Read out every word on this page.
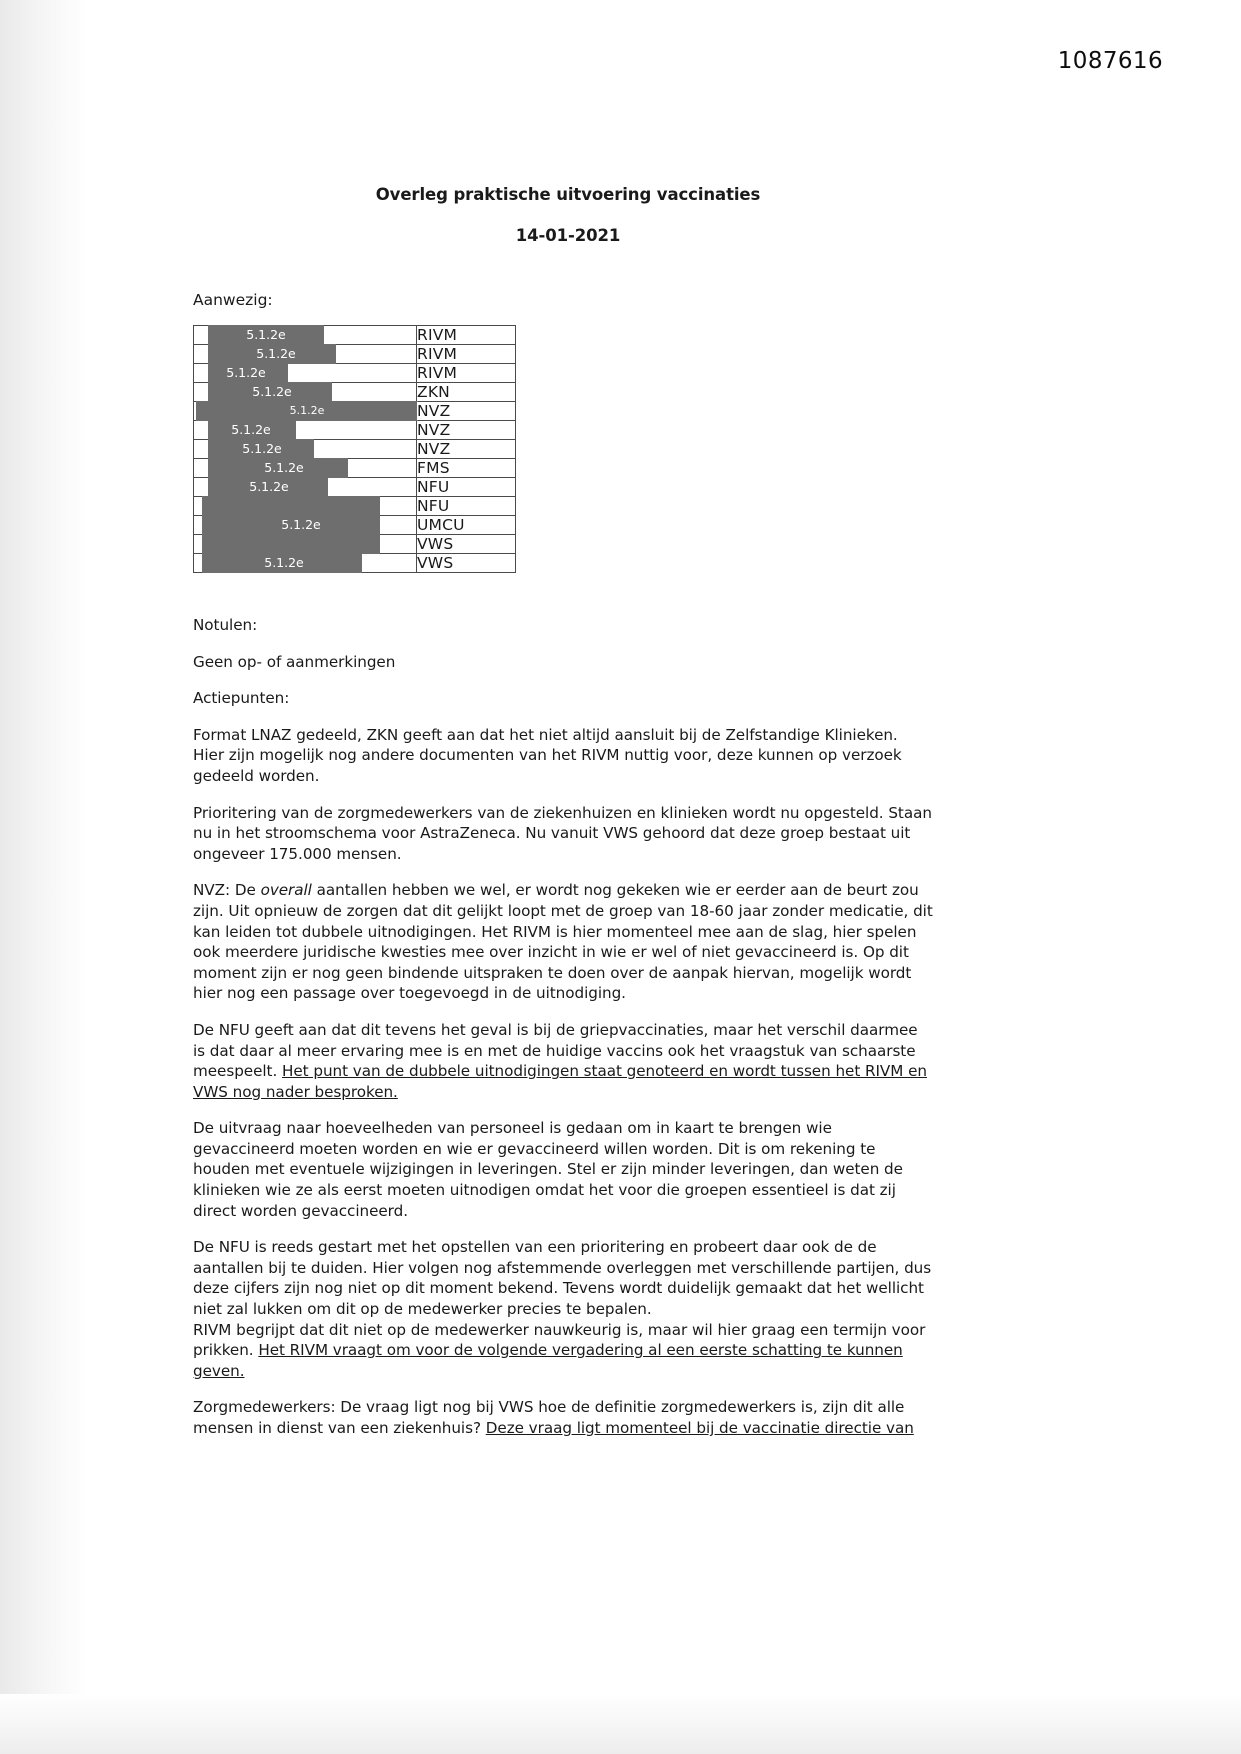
1087616
Overleg praktische uitvoering vaccinaties
14-01-2021
Aanwezig:
5.1.2e	RIVM

5.1.2e	RIVM

5.1.2e	RIVM

5.1.2e	ZKN

5.1.2e	NVZ

5.1.2e	NVZ

5.1.2e	NVZ

5.1.2e	FMS

5.1.2e	NFU

	NFU

5.1.2e	UMCU

	VWS

5.1.2e	VWS

Notulen:

Geen op- of aanmerkingen

Actiepunten:

Format LNAZ gedeeld, ZKN geeft aan dat het niet altijd aansluit bij de Zelfstandige Klinieken. Hier zijn mogelijk nog andere documenten van het RIVM nuttig voor, deze kunnen op verzoek gedeeld worden.

Prioritering van de zorgmedewerkers van de ziekenhuizen en klinieken wordt nu opgesteld. Staan nu in het stroomschema voor AstraZeneca. Nu vanuit VWS gehoord dat deze groep bestaat uit ongeveer 175.000 mensen.

NVZ: De overall aantallen hebben we wel, er wordt nog gekeken wie er eerder aan de beurt zou zijn. Uit opnieuw de zorgen dat dit gelijkt loopt met de groep van 18-60 jaar zonder medicatie, dit kan leiden tot dubbele uitnodigingen. Het RIVM is hier momenteel mee aan de slag, hier spelen ook meerdere juridische kwesties mee over inzicht in wie er wel of niet gevaccineerd is. Op dit moment zijn er nog geen bindende uitspraken te doen over de aanpak hiervan, mogelijk wordt hier nog een passage over toegevoegd in de uitnodiging.

De NFU geeft aan dat dit tevens het geval is bij de griepvaccinaties, maar het verschil daarmee is dat daar al meer ervaring mee is en met de huidige vaccins ook het vraagstuk van schaarste meespeelt. Het punt van de dubbele uitnodigingen staat genoteerd en wordt tussen het RIVM en VWS nog nader besproken.

De uitvraag naar hoeveelheden van personeel is gedaan om in kaart te brengen wie gevaccineerd moeten worden en wie er gevaccineerd willen worden. Dit is om rekening te houden met eventuele wijzigingen in leveringen. Stel er zijn minder leveringen, dan weten de klinieken wie ze als eerst moeten uitnodigen omdat het voor die groepen essentieel is dat zij direct worden gevaccineerd.

De NFU is reeds gestart met het opstellen van een prioritering en probeert daar ook de de aantallen bij te duiden. Hier volgen nog afstemmende overleggen met verschillende partijen, dus deze cijfers zijn nog niet op dit moment bekend. Tevens wordt duidelijk gemaakt dat het wellicht niet zal lukken om dit op de medewerker precies te bepalen.

RIVM begrijpt dat dit niet op de medewerker nauwkeurig is, maar wil hier graag een termijn voor prikken. Het RIVM vraagt om voor de volgende vergadering al een eerste schatting te kunnen geven.

Zorgmedewerkers: De vraag ligt nog bij VWS hoe de definitie zorgmedewerkers is, zijn dit alle mensen in dienst van een ziekenhuis? Deze vraag ligt momenteel bij de vaccinatie directie van
